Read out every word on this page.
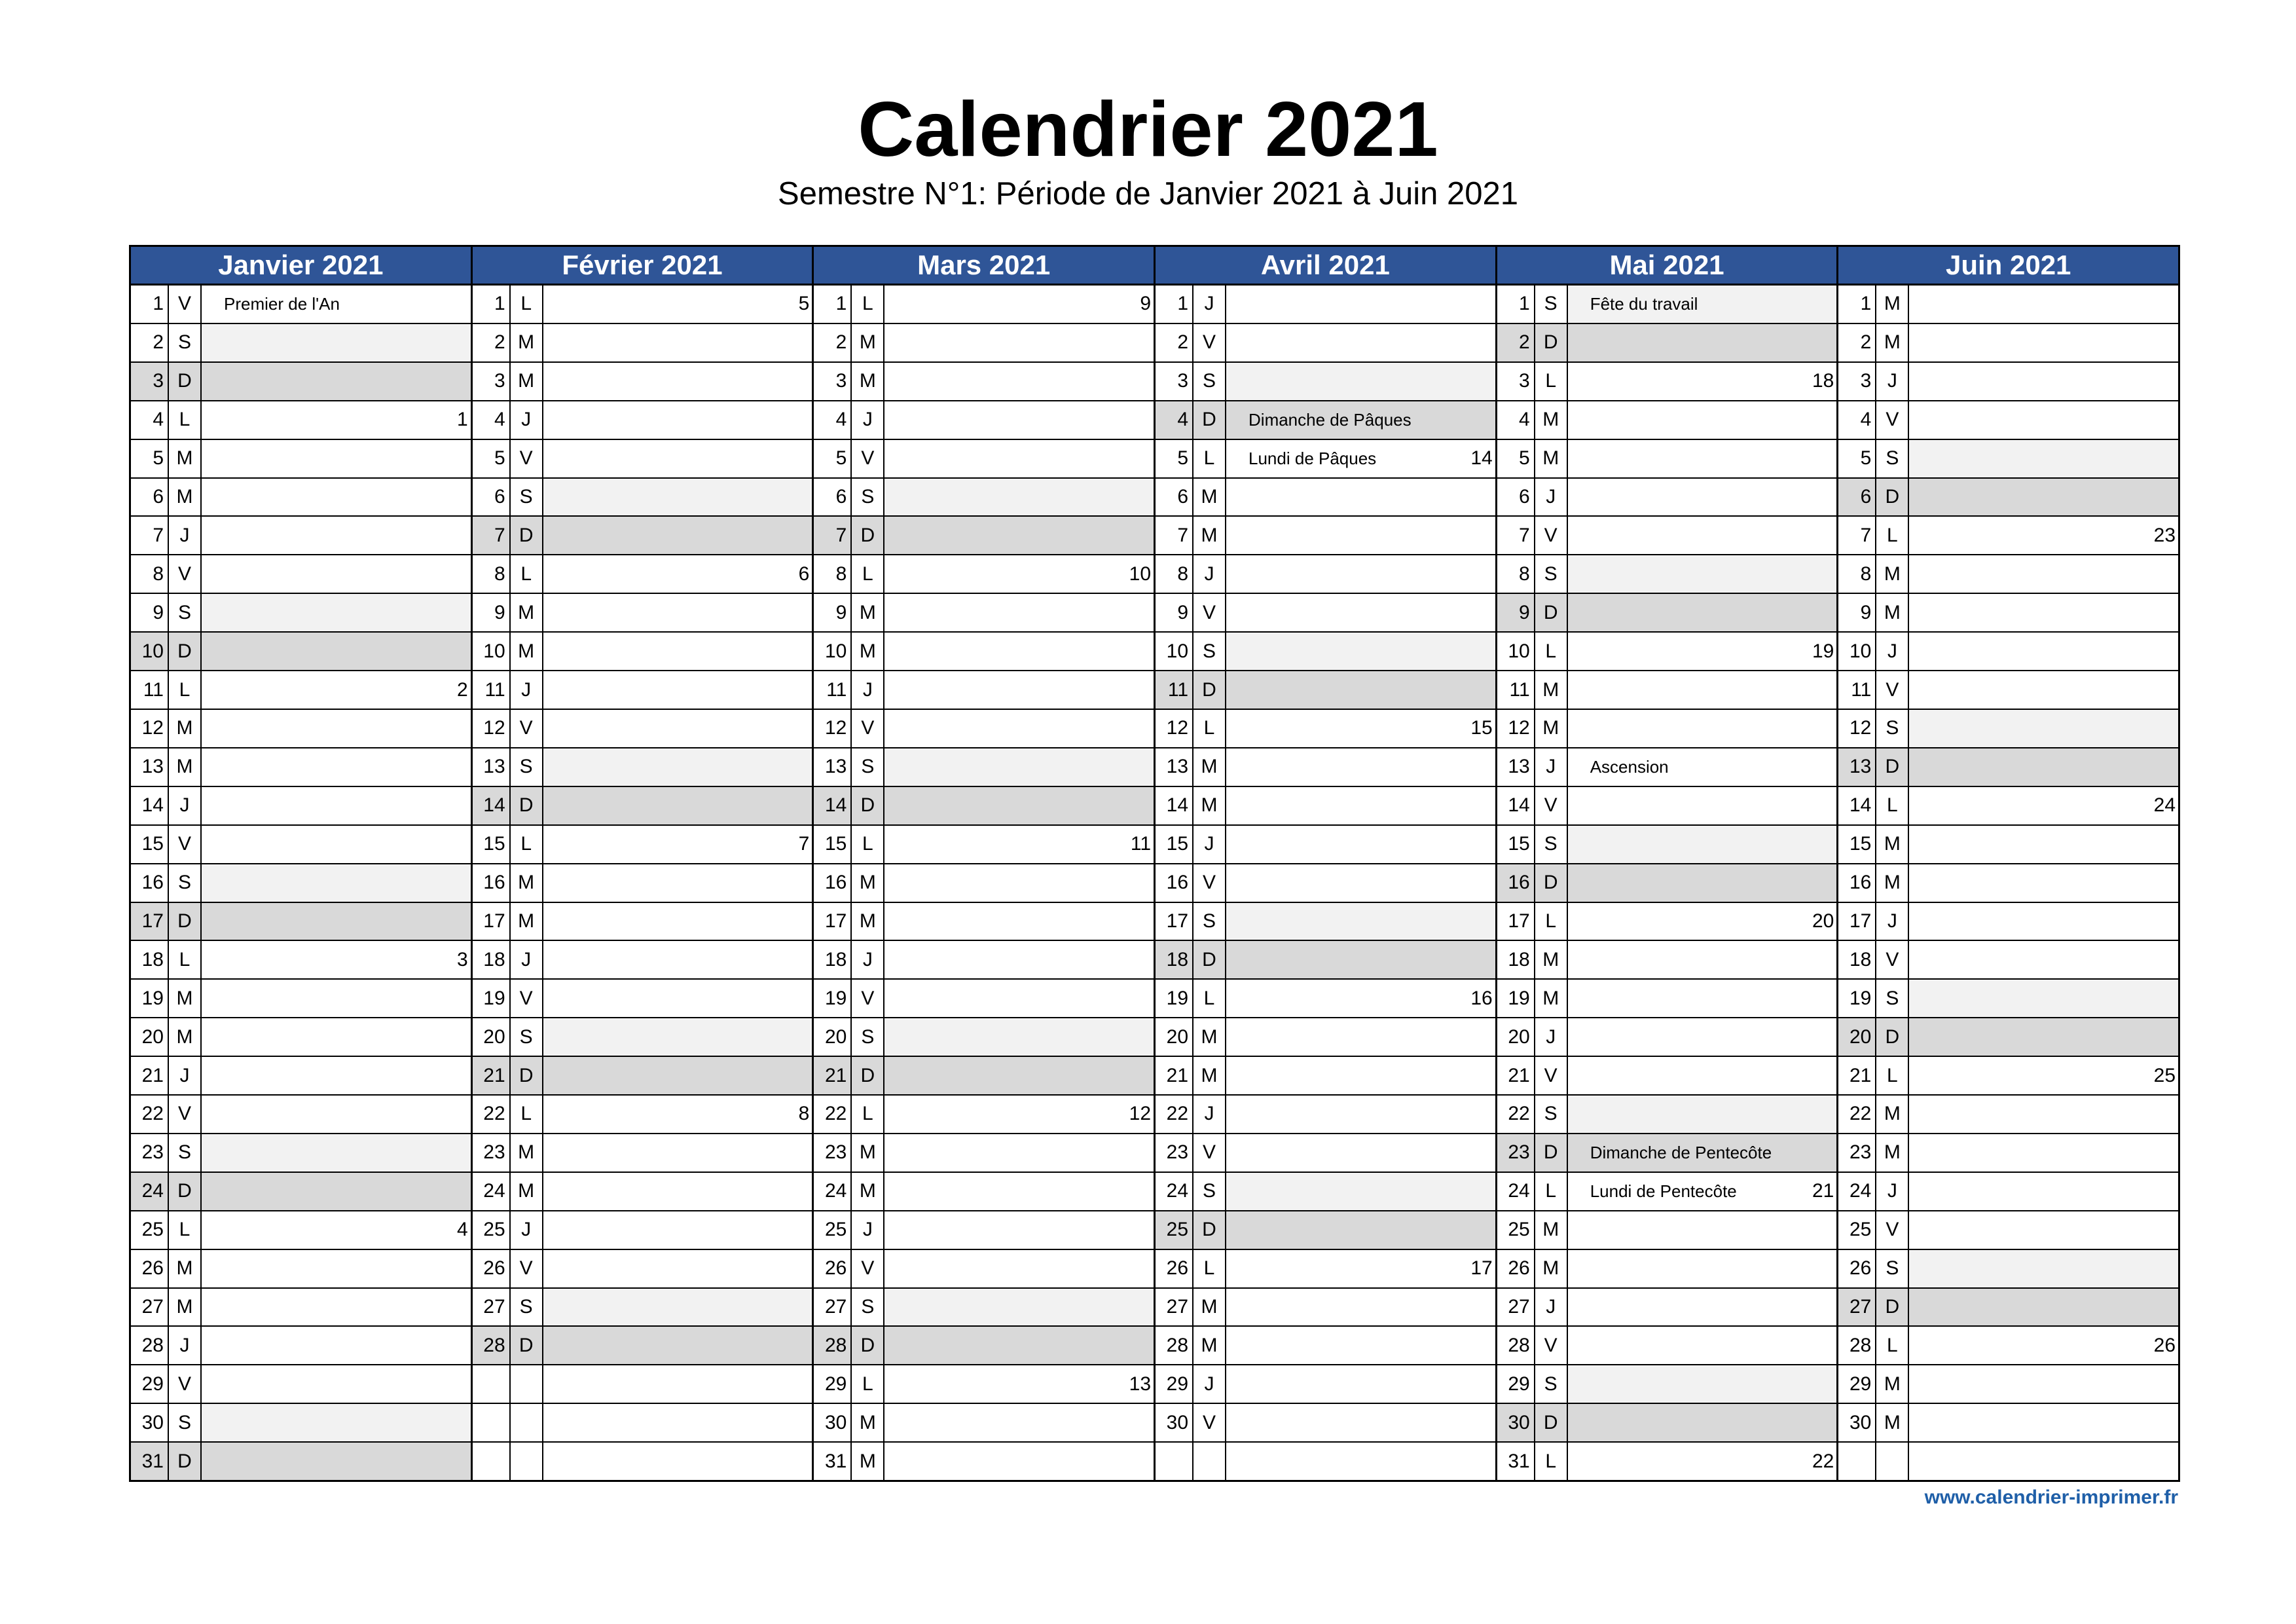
Calendrier 2021
Semestre N°1: Période de Janvier 2021 à Juin 2021
Janvier 2021
1 V	Premier de l'An
2 S
3 D
4 L	1
5 M
6 M
7 J
8 V
9 S
10 D
11 L	2
12 M
13 M
14 J
15 V
16 S
17 D
18 L	3
19 M
20 M
21 J
22 V
23 S
24 D
25 L	4
26 M
27 M
28 J
29 V
30 S
31 D
Février 2021
1 L	5
2 M
3 M
4 J
5 V
6 S
7 D
8 L	6
9 M
10 M
11 J
12 V
13 S
14 D
15 L	7
16 M
17 M
18 J
19 V
20 S
21 D
22 L	8
23 M
24 M
25 J
26 V
27 S
28 D
Mars 2021
1 L	9
2 M
3 M
4 J
5 V
6 S
7 D
8 L	10
9 M
10 M
11 J
12 V
13 S
14 D
15 L	11
16 M
17 M
18 J
19 V
20 S
21 D
22 L	12
23 M
24 M
25 J
26 V
27 S
28 D
29 L	13
30 M
31 M
Avril 2021
1 J
2 V
3 S
4 D	Dimanche de Pâques
5 L	Lundi de Pâques	14
6 M
7 M
8 J
9 V
10 S
11 D
12 L	15
13 M
14 M
15 J
16 V
17 S
18 D
19 L	16
20 M
21 M
22 J
23 V
24 S
25 D
26 L	17
27 M
28 M
29 J
30 V
Mai 2021
1 S	Fête du travail
2 D
3 L	18
4 M
5 M
6 J
7 V
8 S
9 D
10 L	19
11 M
12 M
13 J	Ascension
14 V
15 S
16 D
17 L	20
18 M
19 M
20 J
21 V
22 S
23 D	Dimanche de Pentecôte
24 L	Lundi de Pentecôte	21
25 M
26 M
27 J
28 V
29 S
30 D
31 L	22
Juin 2021
1 M
2 M
3 J
4 V
5 S
6 D
7 L	23
8 M
9 M
10 J
11 V
12 S
13 D
14 L	24
15 M
16 M
17 J
18 V
19 S
20 D
21 L	25
22 M
23 M
24 J
25 V
26 S
27 D
28 L	26
29 M
30 M
www.calendrier-imprimer.fr
